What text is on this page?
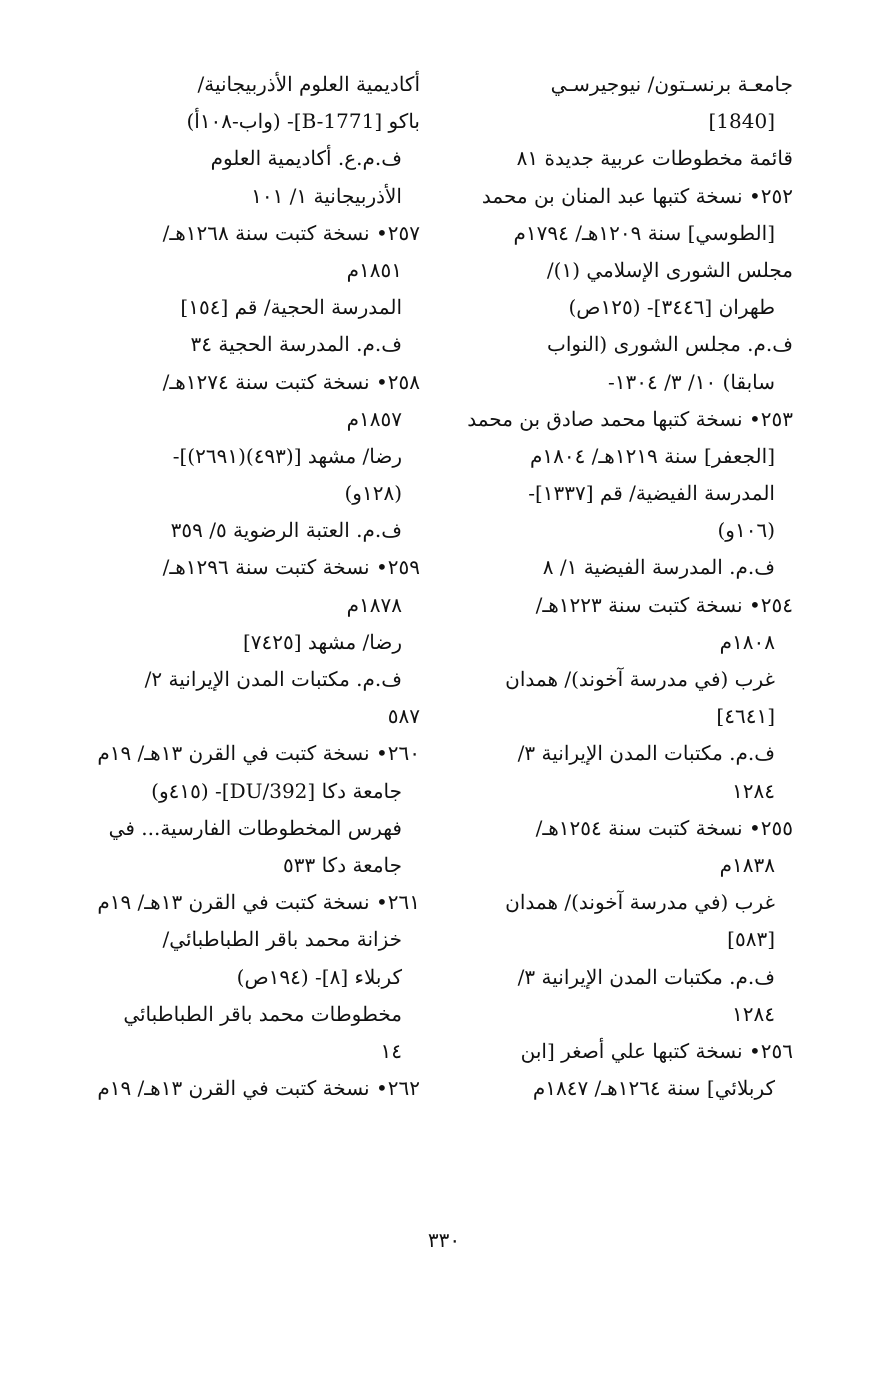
جامعـة برنسـتون/ نيوجيرسـي
[1840]
قائمة مخطوطات عربية جديدة ٨١
٢٥٢• نسخة كتبها عبد المنان بن محمد
[الطوسي] سنة ١٢٠٩هـ/ ١٧٩٤م
مجلس الشورى الإسلامي (١)/
طهران [٣٤٤٦]- (١٢٥ص)
ف.م. مجلس الشورى (النواب
سابقا) ١٠/ ٣/ ١٣٠٤-
٢٥٣• نسخة كتبها محمد صادق بن محمد
[الجعفر] سنة ١٢١٩هـ/ ١٨٠٤م
المدرسة الفيضية/ قم [١٣٣٧]-
(١٠٦و)
ف.م. المدرسة الفيضية ١/ ٨
٢٥٤• نسخة كتبت سنة ١٢٢٣هـ/
١٨٠٨م
غرب (في مدرسة آخوند)/ همدان
[٤٦٤١]
ف.م. مكتبات المدن الإيرانية ٣/
١٢٨٤
٢٥٥• نسخة كتبت سنة ١٢٥٤هـ/
١٨٣٨م
غرب (في مدرسة آخوند)/ همدان
[٥٨٣]
ف.م. مكتبات المدن الإيرانية ٣/
١٢٨٤
٢٥٦• نسخة كتبها علي أصغر [ابن
كربلائي] سنة ١٢٦٤هـ/ ١٨٤٧م
أكاديمية العلوم الأذربيجانية/
باكو [B-1771]- (واب-١٠٨أ)
ف.م.ع. أكاديمية العلوم
الأذربيجانية ١/ ١٠١
٢٥٧• نسخة كتبت سنة ١٢٦٨هـ/
١٨٥١م
المدرسة الحجية/ قم [١٥٤]
ف.م. المدرسة الحجية ٣٤
٢٥٨• نسخة كتبت سنة ١٢٧٤هـ/
١٨٥٧م
رضا/ مشهد [(٤٩٣)(٢٦٩١)]-
(١٢٨و)
ف.م. العتبة الرضوية ٥/ ٣٥٩
٢٥٩• نسخة كتبت سنة ١٢٩٦هـ/
١٨٧٨م
رضا/ مشهد [٧٤٢٥]
ف.م. مكتبات المدن الإيرانية ٢/
٥٨٧
٢٦٠• نسخة كتبت في القرن ١٣هـ/ ١٩م
جامعة دكا [DU/392]- (٤١٥و)
فهرس المخطوطات الفارسية... في
جامعة دكا ٥٣٣
٢٦١• نسخة كتبت في القرن ١٣هـ/ ١٩م
خزانة محمد باقر الطباطبائي/
كربلاء [٨]- (١٩٤ص)
مخطوطات محمد باقر الطباطبائي
١٤
٢٦٢• نسخة كتبت في القرن ١٣هـ/ ١٩م
٣٣٠
